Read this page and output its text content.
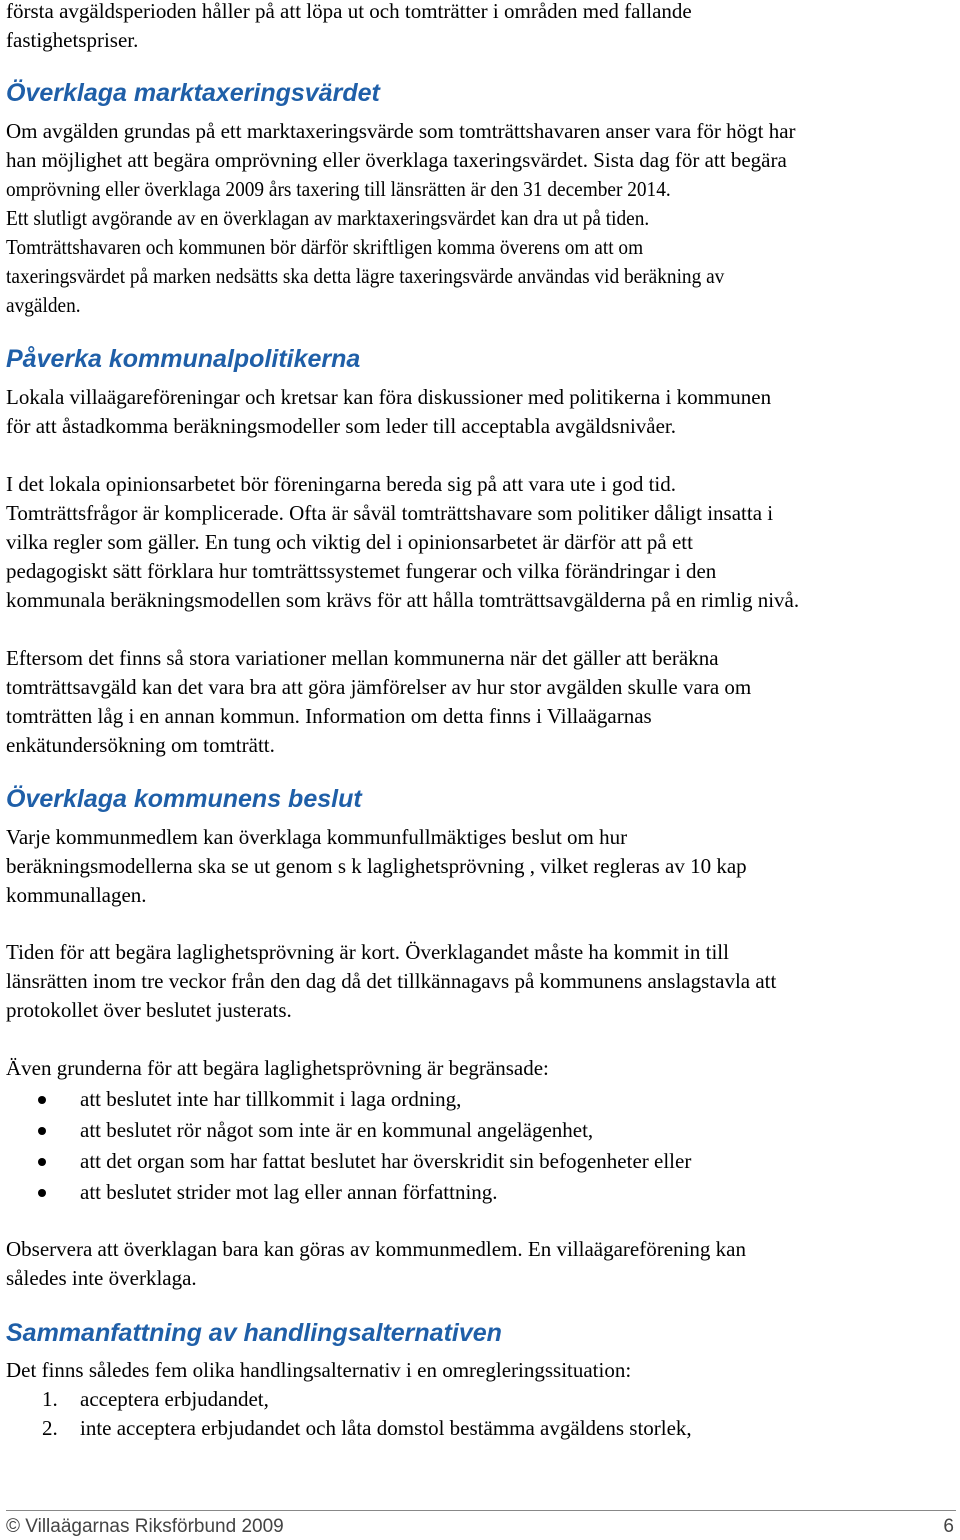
första avgäldsperioden håller på att löpa ut och tomträtter i områden med fallande

fastighetspriser.

Överklaga marktaxeringsvärdet

Om avgälden grundas på ett marktaxeringsvärde som tomträttshavaren anser vara för högt har

han möjlighet att begära omprövning eller överklaga taxeringsvärdet. Sista dag för att begära

omprövning eller överklaga 2009 års taxering till länsrätten är den 31 december 2014.

Ett slutligt avgörande av en överklagan av marktaxeringsvärdet kan dra ut på tiden.

Tomträttshavaren och kommunen bör därför skriftligen komma överens om att om

taxeringsvärdet på marken nedsätts ska detta lägre taxeringsvärde användas vid beräkning av

avgälden.

Påverka kommunalpolitikerna

Lokala villaägareföreningar och kretsar kan föra diskussioner med politikerna i kommunen

för att åstadkomma beräkningsmodeller som leder till acceptabla avgäldsnivåer.

I det lokala opinionsarbetet bör föreningarna bereda sig på att vara ute i god tid.

Tomträttsfrågor är komplicerade. Ofta är såväl tomträttshavare som politiker dåligt insatta i

vilka regler som gäller. En tung och viktig del i opinionsarbetet är därför att på ett

pedagogiskt sätt förklara hur tomträttssystemet fungerar och vilka förändringar i den

kommunala beräkningsmodellen som krävs för att hålla tomträttsavgälderna på en rimlig nivå.

Eftersom det finns så stora variationer mellan kommunerna när det gäller att beräkna

tomträttsavgäld kan det vara bra att göra jämförelser av hur stor avgälden skulle vara om

tomträtten låg i en annan kommun. Information om detta finns i Villaägarnas

enkätundersökning om tomträtt.

Överklaga kommunens beslut

Varje kommunmedlem kan överklaga kommunfullmäktiges beslut om hur

beräkningsmodellerna ska se ut genom s k laglighetsprövning , vilket regleras av 10 kap

kommunallagen.

Tiden för att begära laglighetsprövning är kort. Överklagandet måste ha kommit in till

länsrätten inom tre veckor från den dag då det tillkännagavs på kommunens anslagstavla att

protokollet över beslutet justerats.

Även grunderna för att begära laglighetsprövning är begränsade:

att beslutet inte har tillkommit i laga ordning,

att beslutet rör något som inte är en kommunal angelägenhet,

att det organ som har fattat beslutet har överskridit sin befogenheter eller

att beslutet strider mot lag eller annan författning.

Observera att överklagan bara kan göras av kommunmedlem. En villaägareförening kan

således inte överklaga.

Sammanfattning av handlingsalternativen

Det finns således fem olika handlingsalternativ i en omregleringssituation:

1. acceptera erbjudandet,

2. inte acceptera erbjudandet och låta domstol bestämma avgäldens storlek,

© Villaägarnas Riksförbund 2009	6
